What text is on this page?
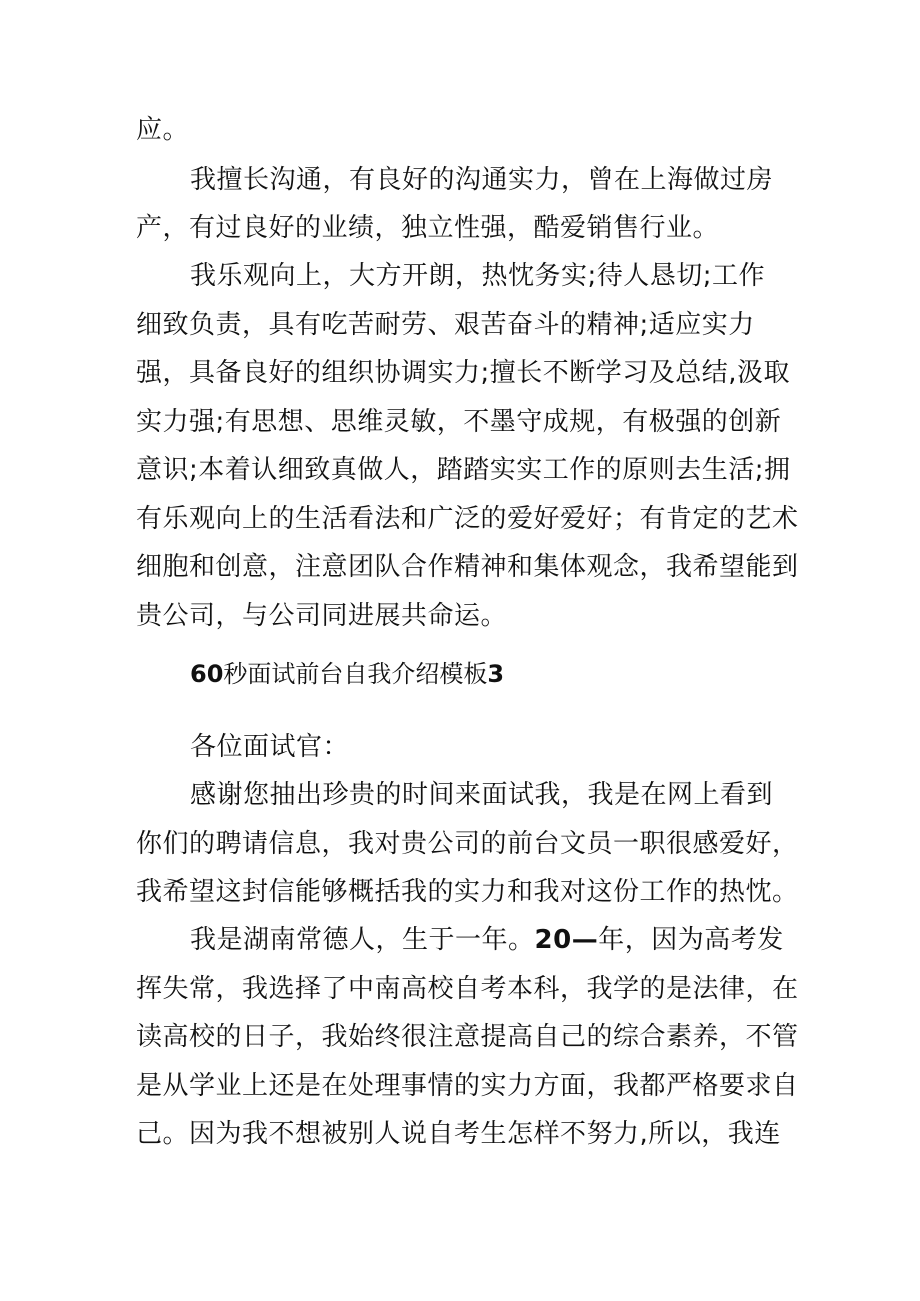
应。
我擅长沟通，有良好的沟通实力，曾在上海做过房
产，有过良好的业绩，独立性强，酷爱销售行业。
我乐观向上，大方开朗，热忱务实;待人恳切;工作
细致负责，具有吃苦耐劳、艰苦奋斗的精神;适应实力
强，具备良好的组织协调实力;擅长不断学习及总结,汲取
实力强;有思想、思维灵敏，不墨守成规，有极强的创新
意识;本着认细致真做人，踏踏实实工作的原则去生活;拥
有乐观向上的生活看法和广泛的爱好爱好；有肯定的艺术
细胞和创意，注意团队合作精神和集体观念，我希望能到
贵公司，与公司同进展共命运。
60秒面试前台自我介绍模板3
各位面试官：
感谢您抽出珍贵的时间来面试我，我是在网上看到
你们的聘请信息，我对贵公司的前台文员一职很感爱好，
我希望这封信能够概括我的实力和我对这份工作的热忱。
我是湖南常德人，生于一年。20—年，因为高考发
挥失常，我选择了中南高校自考本科，我学的是法律，在
读高校的日子，我始终很注意提高自己的综合素养，不管
是从学业上还是在处理事情的实力方面，我都严格要求自
己。因为我不想被别人说自考生怎样不努力,所以，我连
